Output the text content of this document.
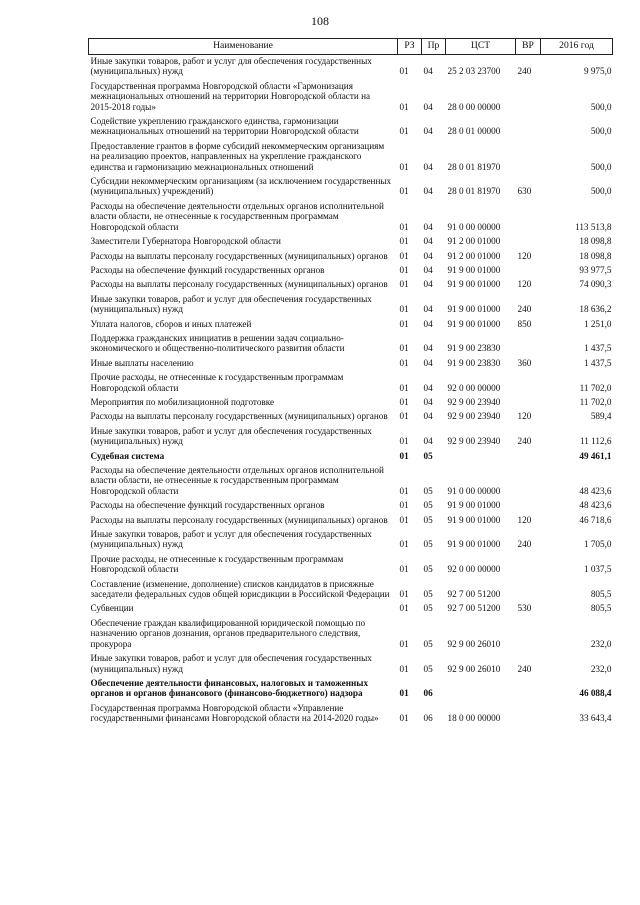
108
Наименование	РЗ	Пр	ЦСТ	ВР	2016 год
Иные закупки товаров, работ и услуг для обеспечения государственных (муниципальных) нужд	01	04	25 2 03 23700	240	9 975,0
Государственная программа Новгородской области «Гармонизация межнациональных отношений на территории Новгородской области на 2015-2018 годы»	01	04	28 0 00 00000		500,0
Содействие укреплению гражданского единства, гармонизации межнациональных отношений на территории Новгородской области	01	04	28 0 01 00000		500,0
Предоставление грантов в форме субсидий некоммерческим организациям на реализацию проектов, направленных на укрепление гражданского единства и гармонизацию межнациональных отношений	01	04	28 0 01 81970		500,0
Субсидии некоммерческим организациям (за исключением государственных (муниципальных) учреждений)	01	04	28 0 01 81970	630	500,0
Расходы на обеспечение деятельности отдельных органов исполнительной власти области, не отнесенные к государственным программам Новгородской области	01	04	91 0 00 00000		113 513,8
Заместители Губернатора Новгородской области	01	04	91 2 00 01000		18 098,8
Расходы на выплаты персоналу государственных (муниципальных) органов	01	04	91 2 00 01000	120	18 098,8
Расходы на обеспечение функций государственных органов	01	04	91 9 00 01000		93 977,5
Расходы на выплаты персоналу государственных (муниципальных) органов	01	04	91 9 00 01000	120	74 090,3
Иные закупки товаров, работ и услуг для обеспечения государственных (муниципальных) нужд	01	04	91 9 00 01000	240	18 636,2
Уплата налогов, сборов и иных платежей	01	04	91 9 00 01000	850	1 251,0
Поддержка гражданских инициатив в решении задач социально-экономического и общественно-политического развития области	01	04	91 9 00 23830		1 437,5
Иные выплаты населению	01	04	91 9 00 23830	360	1 437,5
Прочие расходы, не отнесенные к государственным программам Новгородской области	01	04	92 0 00 00000		11 702,0
Мероприятия по мобилизационной подготовке	01	04	92 9 00 23940		11 702,0
Расходы на выплаты персоналу государственных (муниципальных) органов	01	04	92 9 00 23940	120	589,4
Иные закупки товаров, работ и услуг для обеспечения государственных (муниципальных) нужд	01	04	92 9 00 23940	240	11 112,6
Судебная система	01	05			49 461,1
Расходы на обеспечение деятельности отдельных органов исполнительной власти области, не отнесенные к государственным программам Новгородской области	01	05	91 0 00 00000		48 423,6
Расходы на обеспечение функций государственных органов	01	05	91 9 00 01000		48 423,6
Расходы на выплаты персоналу государственных (муниципальных) органов	01	05	91 9 00 01000	120	46 718,6
Иные закупки товаров, работ и услуг для обеспечения государственных (муниципальных) нужд	01	05	91 9 00 01000	240	1 705,0
Прочие расходы, не отнесенные к государственным программам Новгородской области	01	05	92 0 00 00000		1 037,5
Составление (изменение, дополнение) списков кандидатов в присяжные заседатели федеральных судов общей юрисдикции в Российской Федерации	01	05	92 7 00 51200		805,5
Субвенции	01	05	92 7 00 51200	530	805,5
Обеспечение граждан квалифицированной юридической помощью по назначению органов дознания, органов предварительного следствия, прокурора	01	05	92 9 00 26010		232,0
Иные закупки товаров, работ и услуг для обеспечения государственных (муниципальных) нужд	01	05	92 9 00 26010	240	232,0
Обеспечение деятельности финансовых, налоговых и таможенных органов и органов финансового (финансово-бюджетного) надзора	01	06			46 088,4
Государственная программа Новгородской области «Управление государственными финансами Новгородской области на 2014-2020 годы»	01	06	18 0 00 00000		33 643,4
